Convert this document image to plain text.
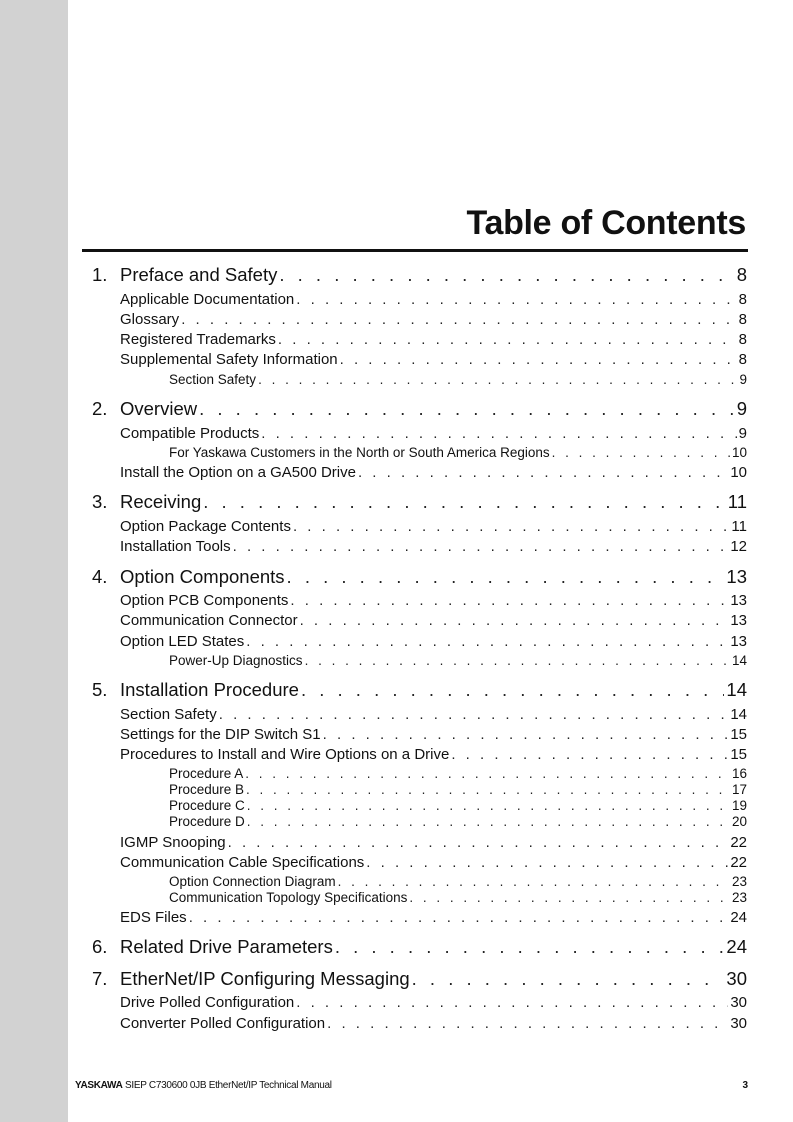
Table of Contents
1. Preface and Safety . . .	8
Applicable Documentation . . .	8
Glossary . . .	8
Registered Trademarks . . .	8
Supplemental Safety Information . . .	8
Section Safety . . .	9
2. Overview . . .	9
Compatible Products . . .	9
For Yaskawa Customers in the North or South America Regions . . .	10
Install the Option on a GA500 Drive . . .	10
3. Receiving . . .	11
Option Package Contents . . .	11
Installation Tools . . .	12
4. Option Components . . .	13
Option PCB Components . . .	13
Communication Connector . . .	13
Option LED States . . .	13
Power-Up Diagnostics . . .	14
5. Installation Procedure . . .	14
Section Safety . . .	14
Settings for the DIP Switch S1 . . .	15
Procedures to Install and Wire Options on a Drive . . .	15
Procedure A . . .	16
Procedure B . . .	17
Procedure C . . .	19
Procedure D . . .	20
IGMP Snooping . . .	22
Communication Cable Specifications . . .	22
Option Connection Diagram . . .	23
Communication Topology Specifications . . .	23
EDS Files . . .	24
6. Related Drive Parameters . . .	24
7. EtherNet/IP Configuring Messaging . . .	30
Drive Polled Configuration . . .	30
Converter Polled Configuration . . .	30
YASKAWA SIEP C730600 0JB EtherNet/IP Technical Manual	3
